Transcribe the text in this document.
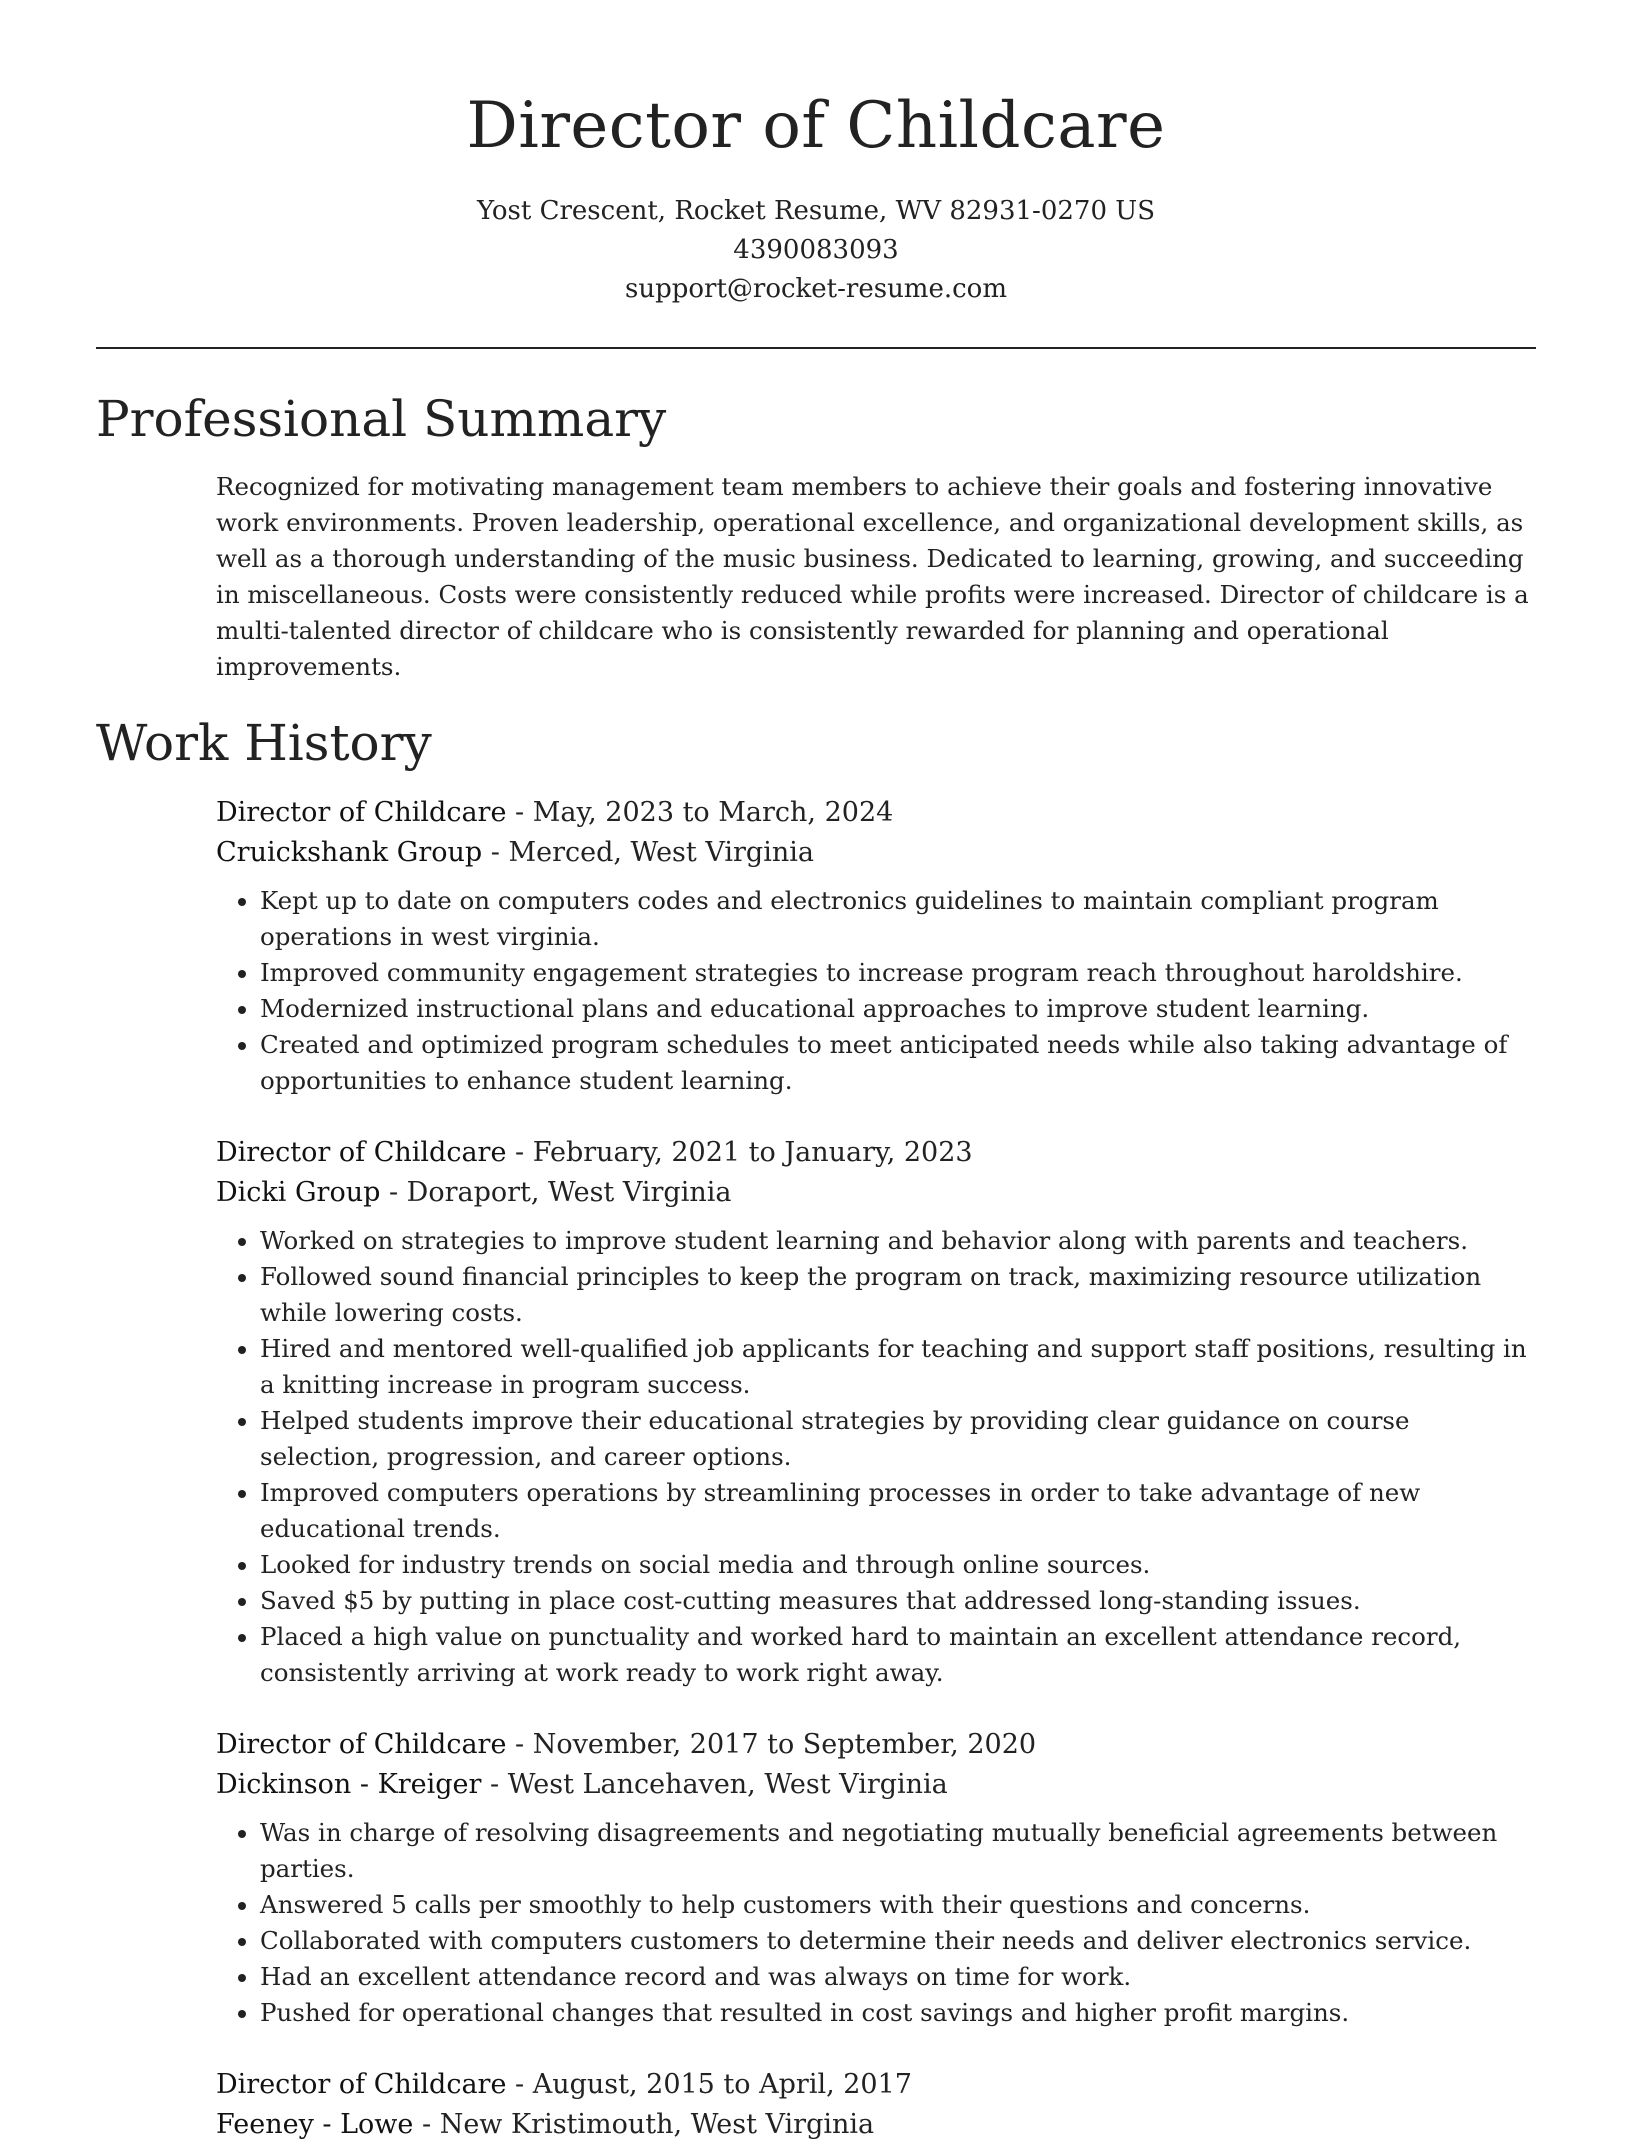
Director of Childcare

Yost Crescent, Rocket Resume, WV 82931-0270 US

4390083093

support@rocket-resume.com

Professional Summary

Recognized for motivating management team members to achieve their goals and fostering innovative work environments. Proven leadership, operational excellence, and organizational development skills, as well as a thorough understanding of the music business. Dedicated to learning, growing, and succeeding in miscellaneous. Costs were consistently reduced while profits were increased. Director of childcare is a multi-talented director of childcare who is consistently rewarded for planning and operational improvements.

Work History

Director of Childcare - May, 2023 to March, 2024

Cruickshank Group - Merced, West Virginia

• Kept up to date on computers codes and electronics guidelines to maintain compliant program operations in west virginia.
• Improved community engagement strategies to increase program reach throughout haroldshire.
• Modernized instructional plans and educational approaches to improve student learning.
• Created and optimized program schedules to meet anticipated needs while also taking advantage of opportunities to enhance student learning.

Director of Childcare - February, 2021 to January, 2023

Dicki Group - Doraport, West Virginia

• Worked on strategies to improve student learning and behavior along with parents and teachers.
• Followed sound financial principles to keep the program on track, maximizing resource utilization while lowering costs.
• Hired and mentored well-qualified job applicants for teaching and support staff positions, resulting in a knitting increase in program success.
• Helped students improve their educational strategies by providing clear guidance on course selection, progression, and career options.
• Improved computers operations by streamlining processes in order to take advantage of new educational trends.
• Looked for industry trends on social media and through online sources.
• Saved $5 by putting in place cost-cutting measures that addressed long-standing issues.
• Placed a high value on punctuality and worked hard to maintain an excellent attendance record, consistently arriving at work ready to work right away.

Director of Childcare - November, 2017 to September, 2020

Dickinson - Kreiger - West Lancehaven, West Virginia

• Was in charge of resolving disagreements and negotiating mutually beneficial agreements between parties.
• Answered 5 calls per smoothly to help customers with their questions and concerns.
• Collaborated with computers customers to determine their needs and deliver electronics service.
• Had an excellent attendance record and was always on time for work.
• Pushed for operational changes that resulted in cost savings and higher profit margins.

Director of Childcare - August, 2015 to April, 2017

Feeney - Lowe - New Kristimouth, West Virginia
